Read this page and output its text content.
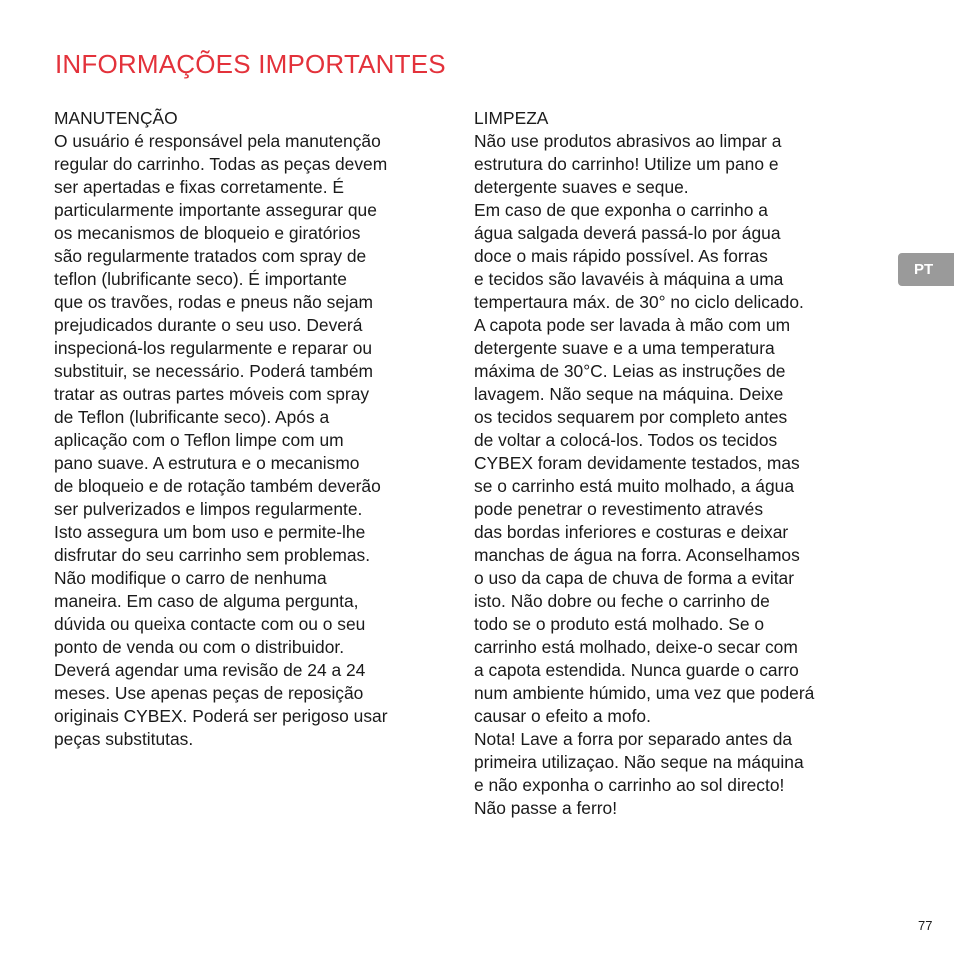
INFORMAÇÕES IMPORTANTES
MANUTENÇÃO
O usuário é responsável pela manutenção
regular do carrinho. Todas as peças devem
ser apertadas e fixas corretamente. É
particularmente importante assegurar que
os mecanismos de bloqueio e giratórios
são regularmente tratados com spray de
teflon (lubrificante seco). É importante
que os travões, rodas e pneus não sejam
prejudicados durante o seu uso. Deverá
inspecioná-los regularmente e reparar ou
substituir, se necessário. Poderá também
tratar as outras partes móveis com spray
de Teflon (lubrificante seco). Após a
aplicação com o Teflon limpe com um
pano suave. A estrutura e o mecanismo
de bloqueio e de rotação também deverão
ser pulverizados e limpos regularmente.
Isto assegura um bom uso e permite-lhe
disfrutar do seu carrinho sem problemas.
Não modifique o carro de nenhuma
maneira. Em caso de alguma pergunta,
dúvida ou queixa contacte com ou o seu
ponto de venda ou com o distribuidor.
Deverá agendar uma revisão de 24 a 24
meses. Use apenas peças de reposição
originais CYBEX. Poderá ser perigoso usar
peças substitutas.
LIMPEZA
Não use produtos abrasivos ao limpar a
estrutura do carrinho! Utilize um pano e
detergente suaves e seque.
Em caso de que exponha o carrinho a
água salgada deverá passá-lo por água
doce o mais rápido possível. As forras
e tecidos são lavavéis à máquina a uma
tempertaura máx. de 30° no ciclo delicado.
A capota pode ser lavada à mão com um
detergente suave e a uma temperatura
máxima de 30°C. Leias as instruções de
lavagem. Não seque na máquina. Deixe
os tecidos sequarem por completo antes
de voltar a colocá-los. Todos os tecidos
CYBEX foram devidamente testados, mas
se o carrinho está muito molhado, a água
pode penetrar o revestimento através
das bordas inferiores e costuras e deixar
manchas de água na forra. Aconselhamos
o uso da capa de chuva de forma a evitar
isto. Não dobre ou feche o carrinho de
todo se o produto está molhado. Se o
carrinho está molhado, deixe-o secar com
a capota estendida. Nunca guarde o carro
num ambiente húmido, uma vez que poderá
causar o efeito a mofo.
Nota! Lave a forra por separado antes da
primeira utilizaçao. Não seque na máquina
e não exponha o carrinho ao sol directo!
Não passe a ferro!
PT
77
